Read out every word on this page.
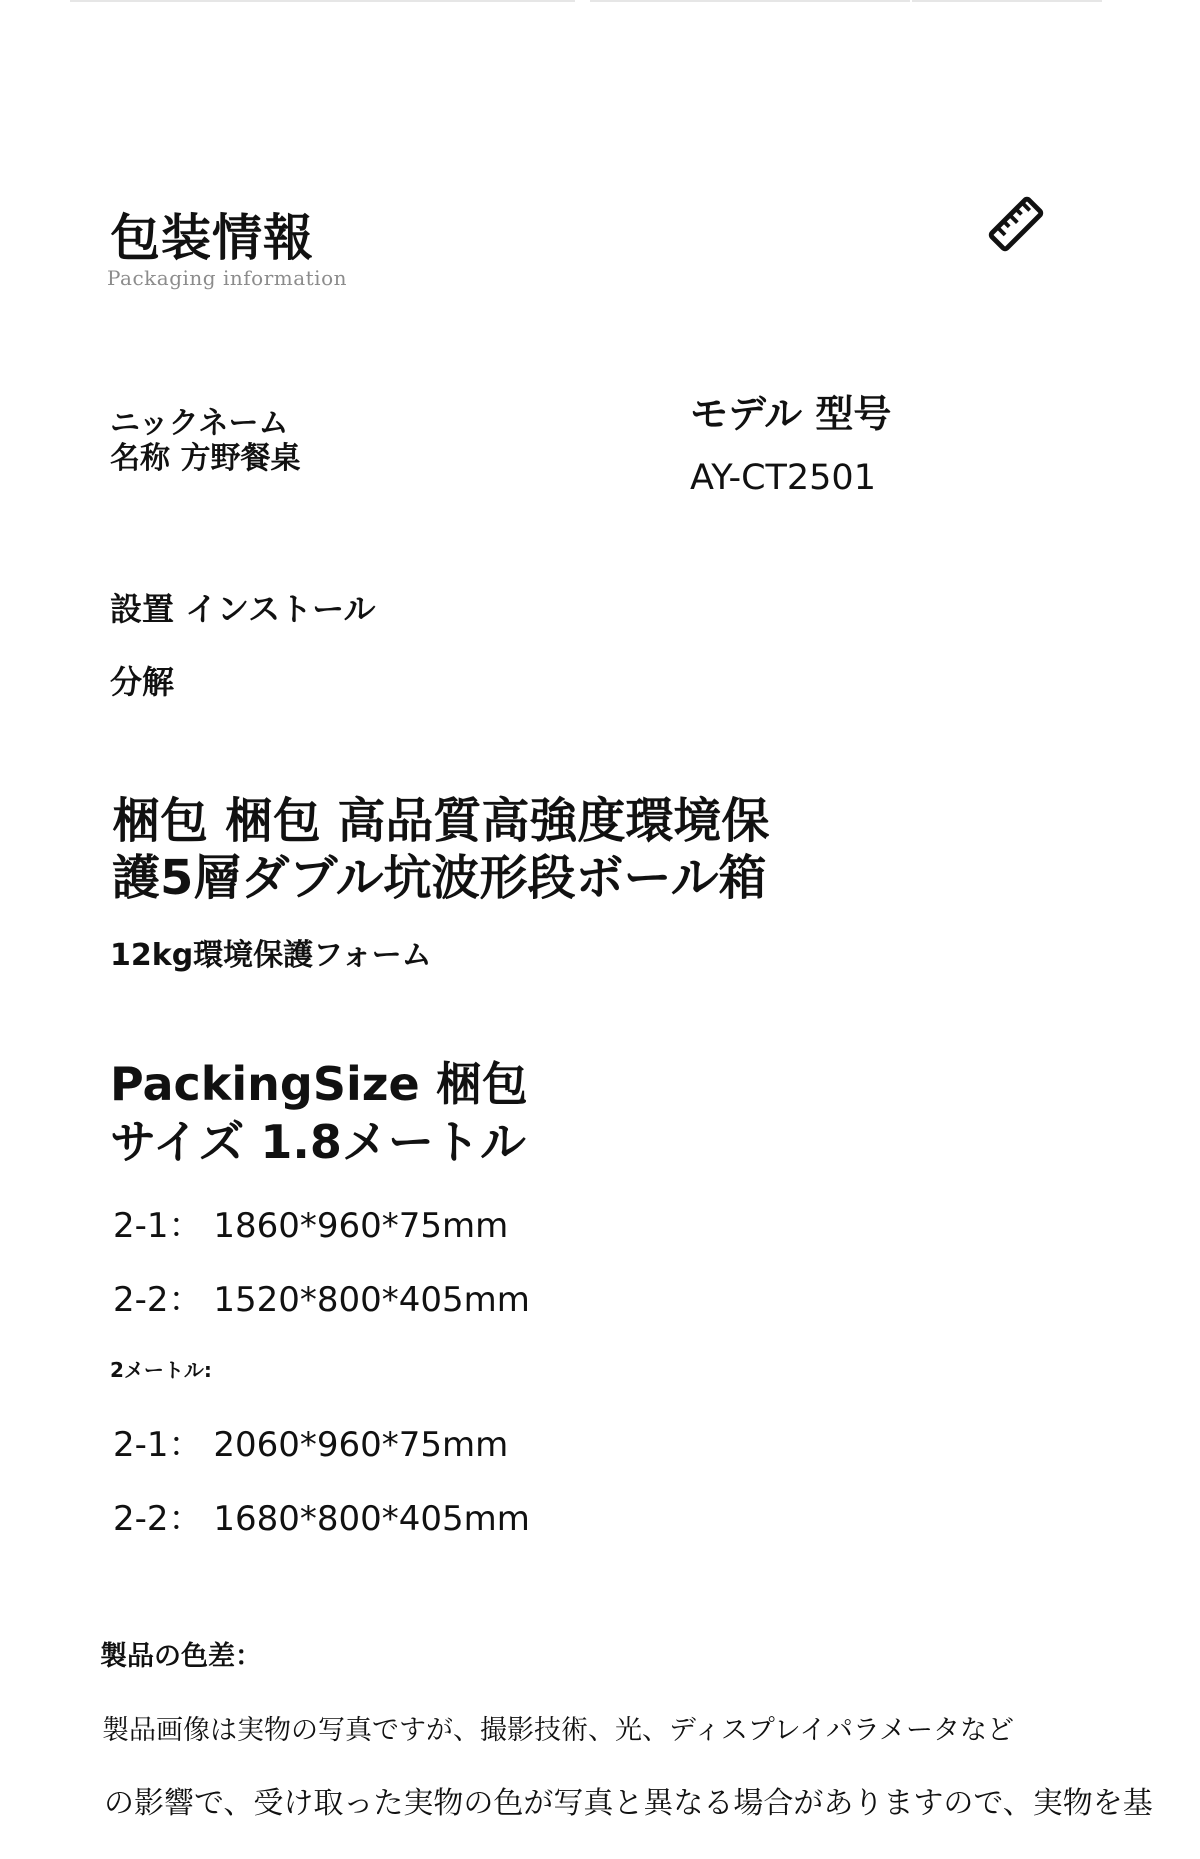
包装情報
Packaging information
ニックネーム
名称 方野餐桌
モデル 型号
AY-CT2501
設置 インストール
分解
梱包 梱包 高品質高強度環境保
護5層ダブル坑波形段ボール箱
12kg環境保護フォーム
PackingSize 梱包
サイズ 1.8メートル
2-1： 1860*960*75mm
2-2： 1520*800*405mm
2メートル:
2-1： 2060*960*75mm
2-2： 1680*800*405mm
製品の色差：
製品画像は実物の写真ですが、撮影技術、光、ディスプレイパラメータなど
の影響で、受け取った実物の色が写真と異なる場合がありますので、実物を基
